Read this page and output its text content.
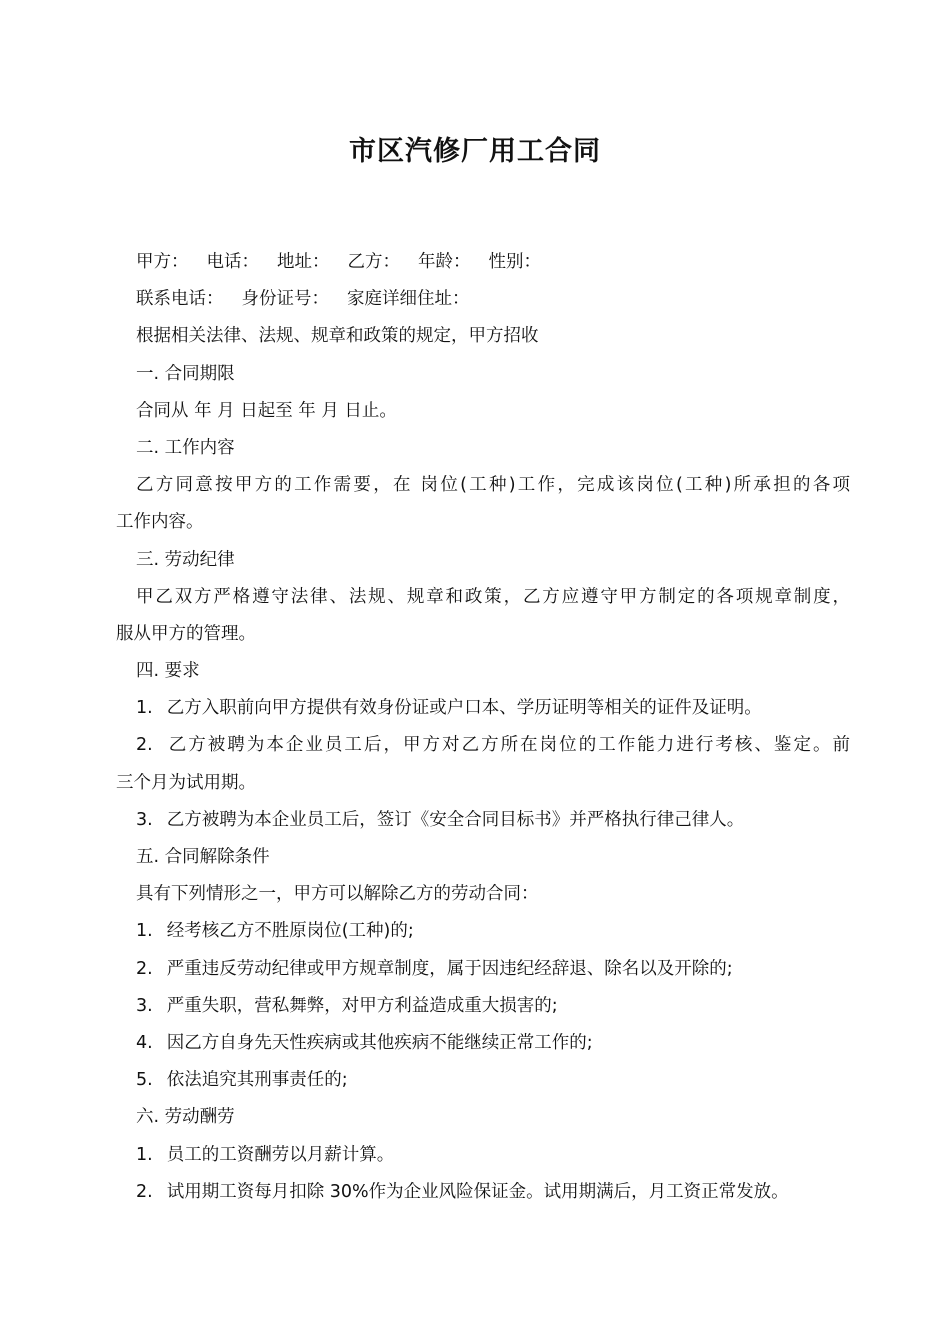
市区汽修厂用工合同
甲方： 电话： 地址： 乙方： 年龄： 性别：
联系电话： 身份证号： 家庭详细住址：
根据相关法律、法规、规章和政策的规定，甲方招收
一. 合同期限
合同从 年 月 日起至 年 月 日止。
二. 工作内容
乙方同意按甲方的工作需要，在 岗位(工种)工作，完成该岗位(工种)所承担的各项
工作内容。
三. 劳动纪律
甲乙双方严格遵守法律、法规、规章和政策，乙方应遵守甲方制定的各项规章制度，
服从甲方的管理。
四. 要求
1. 乙方入职前向甲方提供有效身份证或户口本、学历证明等相关的证件及证明。
2. 乙方被聘为本企业员工后，甲方对乙方所在岗位的工作能力进行考核、鉴定。前
三个月为试用期。
3. 乙方被聘为本企业员工后，签订《安全合同目标书》并严格执行律己律人。
五. 合同解除条件
具有下列情形之一，甲方可以解除乙方的劳动合同：
1. 经考核乙方不胜原岗位(工种)的;
2. 严重违反劳动纪律或甲方规章制度，属于因违纪经辞退、除名以及开除的;
3. 严重失职，营私舞弊，对甲方利益造成重大损害的;
4. 因乙方自身先天性疾病或其他疾病不能继续正常工作的;
5. 依法追究其刑事责任的;
六. 劳动酬劳
1. 员工的工资酬劳以月薪计算。
2. 试用期工资每月扣除 30%作为企业风险保证金。试用期满后，月工资正常发放。
